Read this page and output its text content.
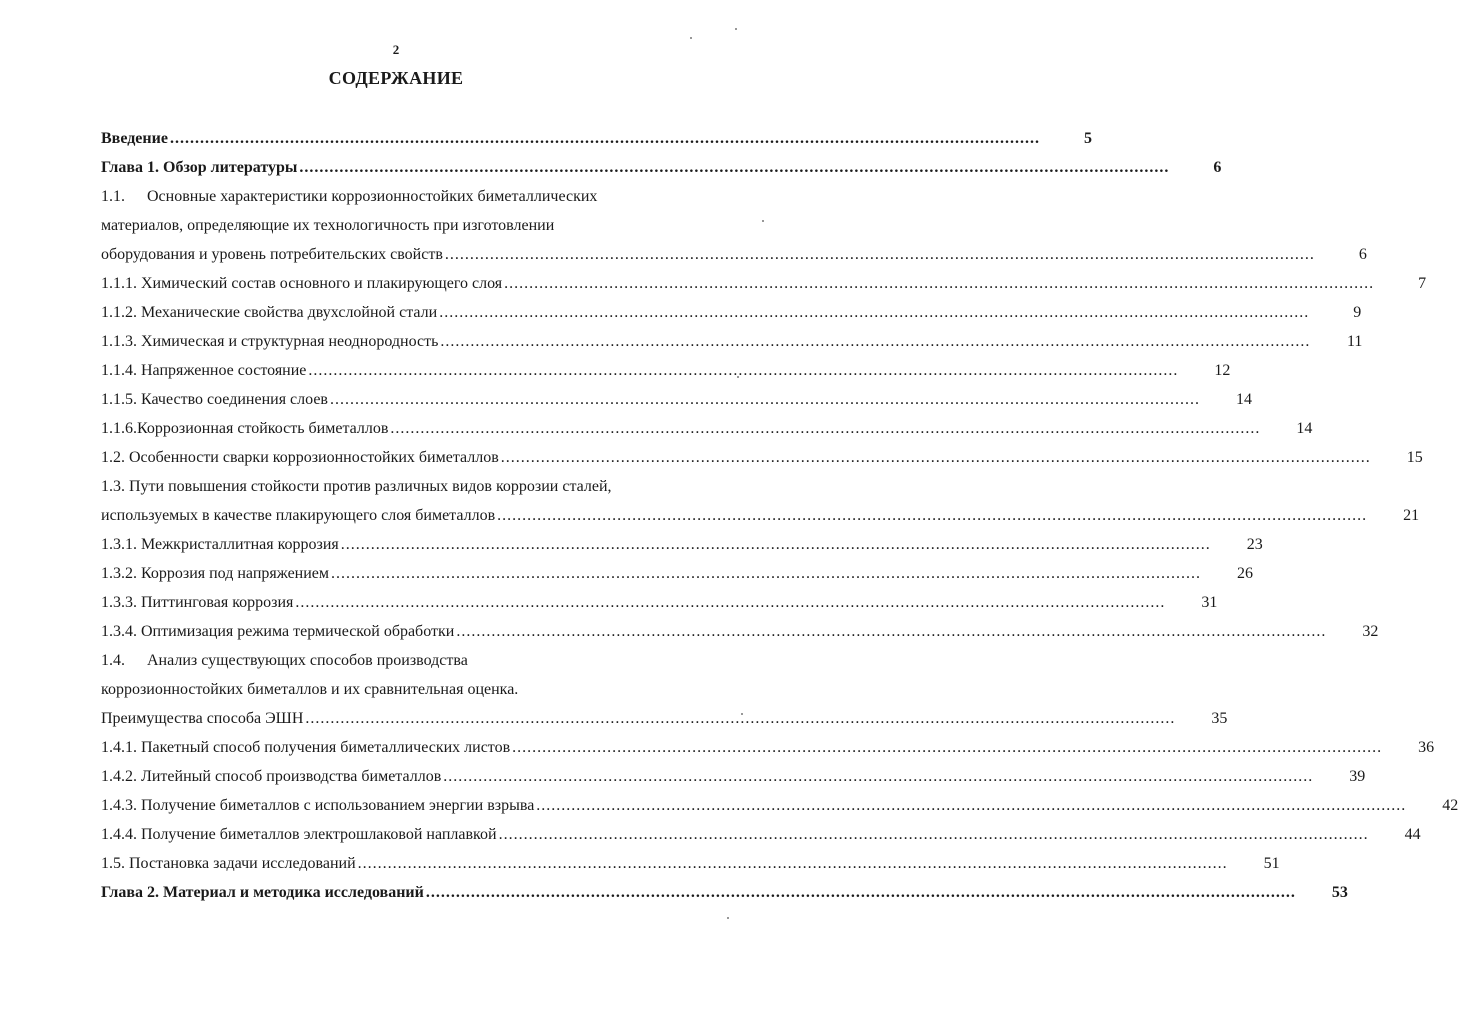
2
СОДЕРЖАНИЕ
Введение .....	5
Глава 1. Обзор литературы .....	6
1.1. Основные характеристики коррозионностойких биметаллических
материалов, определяющие их технологичность при изготовлении
оборудования и уровень потребительских свойств .....	6
1.1.1. Химический состав основного и плакирующего слоя .....	7
1.1.2. Механические свойства двухслойной стали .....	9
1.1.3. Химическая и структурная неоднородность .....	11
1.1.4. Напряженное состояние .....	12
1.1.5. Качество соединения слоев .....	14
1.1.6.Коррозионная стойкость биметаллов .....	14
1.2. Особенности сварки коррозионностойких биметаллов .....	15
1.3. Пути повышения стойкости против различных видов коррозии сталей,
используемых в качестве плакирующего слоя биметаллов .....	21
1.3.1. Межкристаллитная коррозия .....	23
1.3.2. Коррозия под напряжением .....	26
1.3.3. Питтинговая коррозия .....	31
1.3.4. Оптимизация режима термической обработки .....	32
1.4. Анализ существующих способов производства
коррозионностойких биметаллов и их сравнительная оценка.
Преимущества способа ЭШН .....	35
1.4.1. Пакетный способ получения биметаллических листов .....	36
1.4.2. Литейный способ производства биметаллов .....	39
1.4.3. Получение биметаллов с использованием энергии взрыва .....	42
1.4.4. Получение биметаллов электрошлаковой наплавкой .....	44
1.5. Постановка задачи исследований .....	51
Глава 2. Материал и методика исследований .....	53
